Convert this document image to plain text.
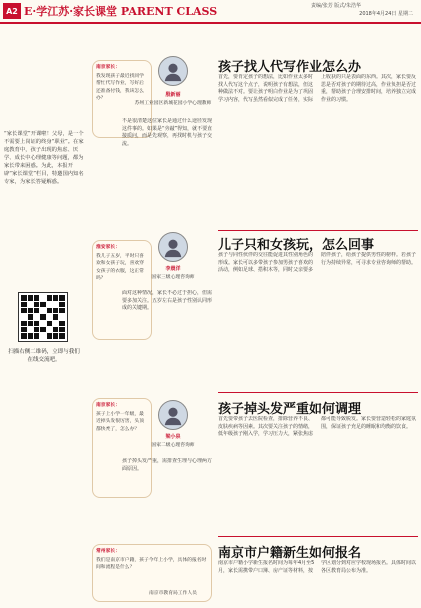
A2 E·学江苏·家长课堂 PARENT CLASS	责编/张芳 版式/朱浩华
2018年4月24日 星期二
“家长课堂”开课啦！父母，是一个不需要上岗证的终身“职业”。在家庭教育中，孩子出现的焦虑、厌学、成长中心理健康等问题，都为家长带来困惑。为此，本报开辟“家长课堂”栏目，特邀国内知名专家，为家长答疑解惑。
扫描右侧二维码，立即与我们在线交流吧。
南京家长：
我发现孩子最近找同学帮忙代写作业，写好后还准备付钱，我该怎么办？
殷新丽
苏州工业园区新城花园小学心理教师
不是很清楚这位家长是通过什么途径发现这件事的。如果是“旁敲”得知，就不要直接质问，而是先观察，再找时机与孩子交流。
孩子找人代写作业怎么办
首先，要肯定孩子的想法，比如作业太多时找人代写这个点子，说明孩子有想法，但这种做法不对。要让孩子明白作业是为了巩固学习内容，代写虽然看似完成了任务，实际上收获的只是表面的东西。其次，家长要反思是否对孩子的期待过高，作业负担是否过重，帮助孩子合理安排时间，培养独立完成作业的习惯。
淮安家长：
我儿子五岁，平时只喜欢和女孩子玩，喜欢穿女孩子的衣服，这正常吗？
李晨洋
国家三级心理咨询师
面对这种情况，家长不必过于担心，但需要多加关注。五岁左右是孩子性别认同形成的关键期。
儿子只和女孩玩，怎么回事
孩子与同性伙伴的交往能促进其性别角色的形成。家长可以多带孩子参加男孩子喜欢的活动，例如足球、搭积木等，同时父亲要多陪伴孩子，给孩子提供男性的榜样。若孩子行为持续异常，可寻求专业咨询师的帮助。
南京家长：
孩子上小学一年级，最近掉头发很厉害，头顶都快秃了，怎么办？
梁小泉
国家二级心理咨询师
孩子掉头发严重，需排查生理与心理两方面原因。
孩子掉头发严重如何调理
首先要带孩子去医院检查，排除营养不良、皮肤疾病等因素。其次要关注孩子的情绪，低年级孩子刚入学，学习压力大，紧张焦虑都可能导致脱发。家长要营造轻松的家庭氛围，保证孩子充足的睡眠和均衡的饮食。
常州家长：
我们是南京市户籍，孩子今年上小学，具体的报名时间和流程是什么？
南京市教育局工作人员
南京市户籍新生如何报名
南京市户籍小学新生报名时间为每年4月至5月，家长需携带户口簿、房产证等材料，按学区划分到对应学校现场报名。具体时间以各区教育局公布为准。
